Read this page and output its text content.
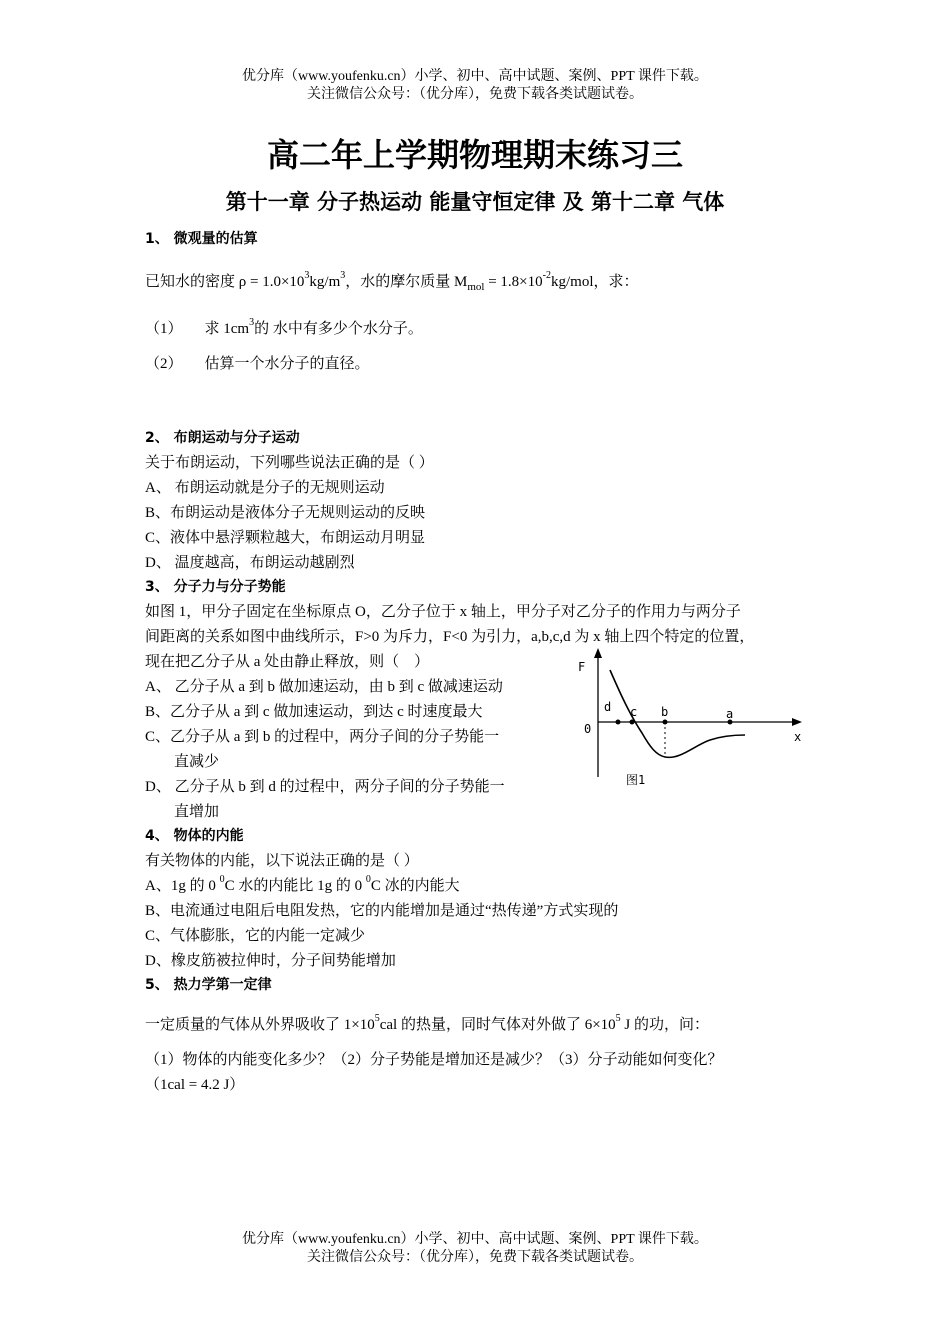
优分库（www.youfenku.cn）小学、初中、高中试题、案例、PPT 课件下载。
关注微信公众号：（优分库），免费下载各类试题试卷。
高二年上学期物理期末练习三
第十一章 分子热运动 能量守恒定律 及 第十二章 气体
1、 微观量的估算
已知水的密度 $\rho = 1.0\times 10^3kg/m^3$，水的摩尔质量 $M_{mol} = 1.8\times 10^{-2}kg/mol$，求：
（1） 求 $1cm^3$的 水中有多少个水分子。
（2） 估算一个水分子的直径。
2、 布朗运动与分子运动
关于布朗运动，下列哪些说法正确的是（ ）
A、 布朗运动就是分子的无规则运动
B、布朗运动是液体分子无规则运动的反映
C、液体中悬浮颗粒越大，布朗运动月明显
D、 温度越高，布朗运动越剧烈
3、 分子力与分子势能
如图 1，甲分子固定在坐标原点 O，乙分子位于 x 轴上，甲分子对乙分子的作用力与两分子
间距离的关系如图中曲线所示，F>0 为斥力，F<0 为引力，a,b,c,d 为 x 轴上四个特定的位置，
现在把乙分子从 a 处由静止释放，则（　）
A、 乙分子从 a 到 b 做加速运动，由 b 到 c 做减速运动
B、乙分子从 a 到 c 做加速运动，到达 c 时速度最大
C、乙分子从 a 到 b 的过程中，两分子间的分子势能一
直减少
D、 乙分子从 b 到 d 的过程中，两分子间的分子势能一
直增加
F
x
0
d c b	a
图1
4、 物体的内能
有关物体的内能，以下说法正确的是（ ）
A、1g 的 0 $^0$C 水的内能比 1g 的 0 $^0$C 冰的内能大
B、电流通过电阻后电阻发热，它的内能增加是通过“热传递”方式实现的
C、气体膨胀，它的内能一定减少
D、橡皮筋被拉伸时，分子间势能增加
5、 热力学第一定律
一定质量的气体从外界吸收了 $1\times 10^5cal$ 的热量，同时气体对外做了 $6\times 10^5$ J 的功，问：
（1）物体的内能变化多少？（2）分子势能是增加还是减少？（3）分子动能如何变化？
（1cal = 4.2 J）
优分库（www.youfenku.cn）小学、初中、高中试题、案例、PPT 课件下载。
关注微信公众号：（优分库），免费下载各类试题试卷。
